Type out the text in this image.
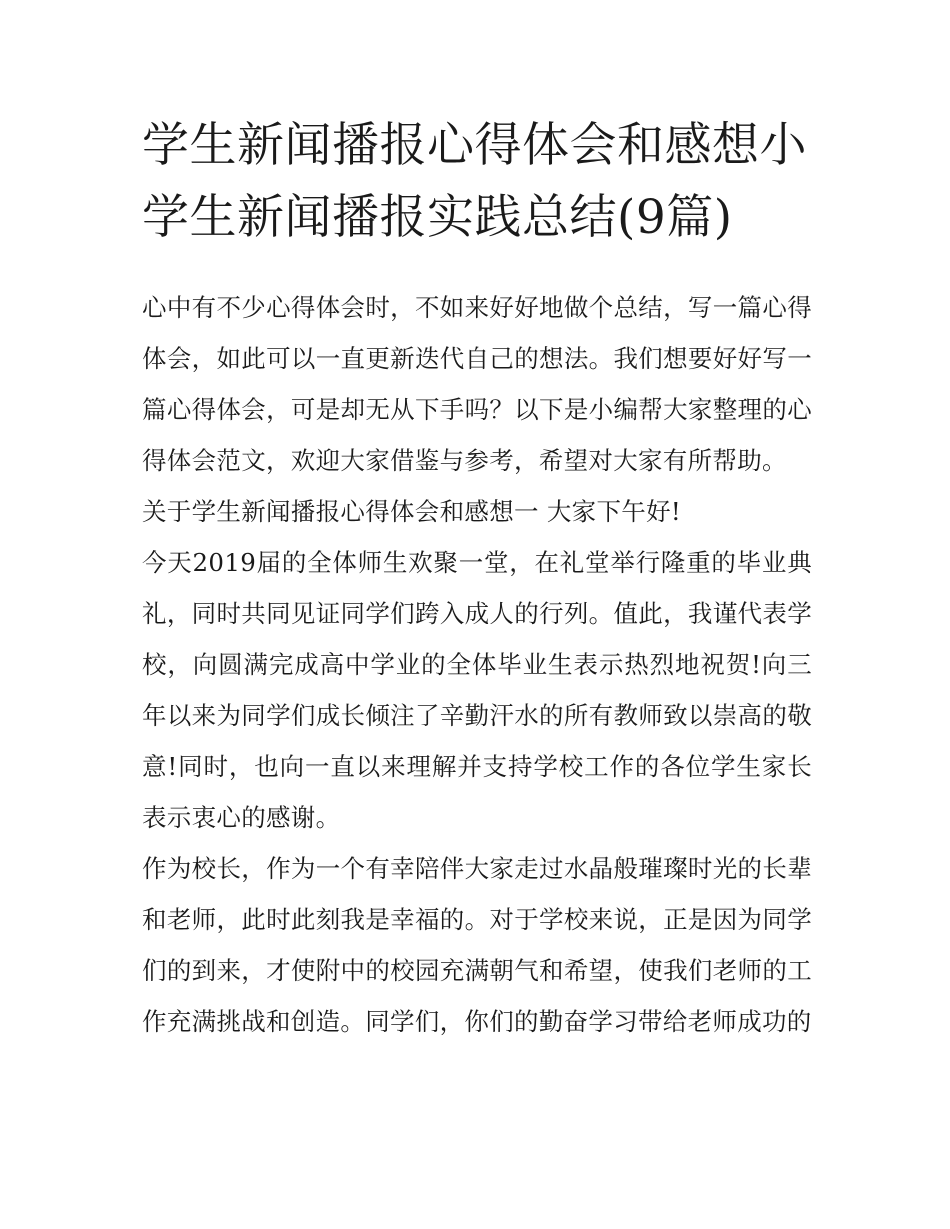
学生新闻播报心得体会和感想小学生新闻播报实践总结(9篇)

心中有不少心得体会时，不如来好好地做个总结，写一篇心得体会，如此可以一直更新迭代自己的想法。我们想要好好写一篇心得体会，可是却无从下手吗？以下是小编帮大家整理的心得体会范文，欢迎大家借鉴与参考，希望对大家有所帮助。

关于学生新闻播报心得体会和感想一 大家下午好!

今天2019届的全体师生欢聚一堂，在礼堂举行隆重的毕业典礼，同时共同见证同学们跨入成人的行列。值此，我谨代表学校，向圆满完成高中学业的全体毕业生表示热烈地祝贺!向三年以来为同学们成长倾注了辛勤汗水的所有教师致以崇高的敬意!同时，也向一直以来理解并支持学校工作的各位学生家长表示衷心的感谢。

作为校长，作为一个有幸陪伴大家走过水晶般璀璨时光的长辈和老师，此时此刻我是幸福的。对于学校来说，正是因为同学们的到来，才使附中的校园充满朝气和希望，使我们老师的工作充满挑战和创造。同学们，你们的勤奋学习带给老师成功的
